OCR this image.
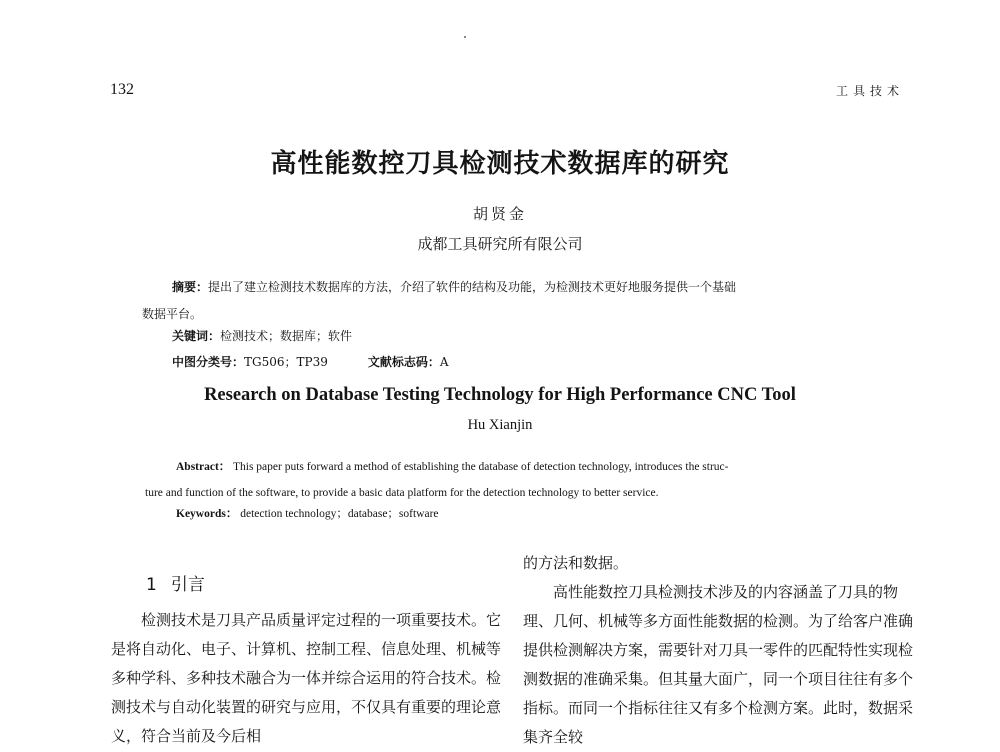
132	工具技术
高性能数控刀具检测技术数据库的研究
胡贤金
成都工具研究所有限公司
摘要：提出了建立检测技术数据库的方法，介绍了软件的结构及功能，为检测技术更好地服务提供一个基础
数据平台。
关键词：检测技术；数据库；软件
中图分类号：TG506；TP39	文献标志码：A
Research on Database Testing Technology for High Performance CNC Tool
Hu Xianjin
Abstract： This paper puts forward a method of establishing the database of detection technology, introduces the struc-
ture and function of the software, to provide a basic data platform for the detection technology to better service.
Keywords： detection technology；database；software
1 引言

检测技术是刀具产品质量评定过程的一项重要技术。它是将自动化、电子、计算机、控制工程、信息处理、机械等多种学科、多种技术融合为一体并综合运用的符合技术。检测技术与自动化装置的研究与应用，不仅具有重要的理论意义，符合当前及今后相

的方法和数据。

高性能数控刀具检测技术涉及的内容涵盖了刀具的物理、几何、机械等多方面性能数据的检测。为了给客户准确提供检测解决方案，需要针对刀具一零件的匹配特性实现检测数据的准确采集。但其量大面广，同一个项目往往有多个指标。而同一个指标往往又有多个检测方案。此时，数据采集齐全较
